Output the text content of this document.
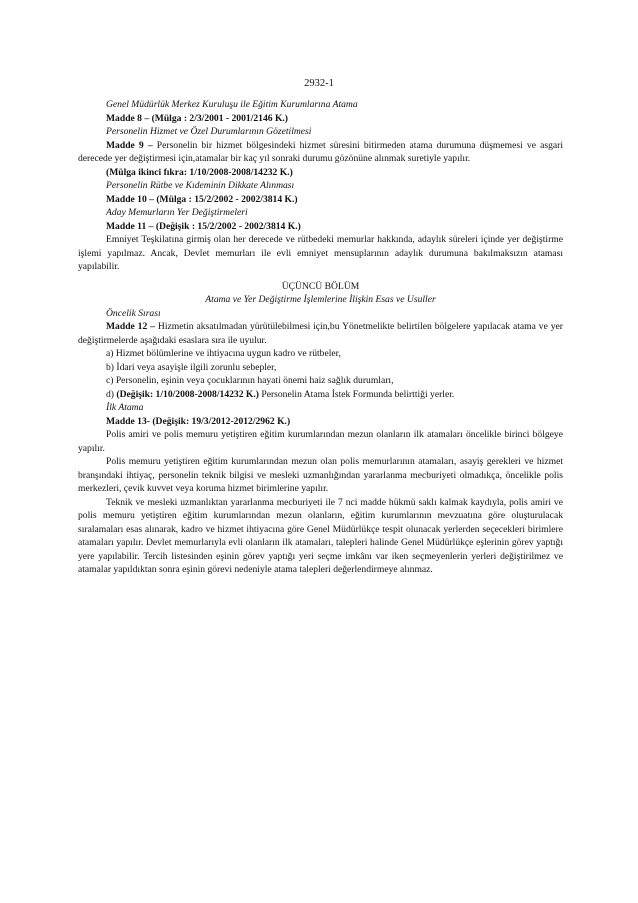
2932-1

Genel Müdürlük Merkez Kuruluşu ile Eğitim Kurumlarına Atama

Madde 8 – (Mülga : 2/3/2001 - 2001/2146 K.)

Personelin Hizmet ve Özel Durumlarının Gözetilmesi

Madde 9 – Personelin bir hizmet bölgesindeki hizmet süresini bitirmeden atama durumuna düşmemesi ve asgari derecede yer değiştirmesi için,atamalar bir kaç yıl sonraki durumu gözönüne alınmak suretiyle yapılır.

(Mülga ikinci fıkra: 1/10/2008-2008/14232 K.)

Personelin Rütbe ve Kıdeminin Dikkate Alınması

Madde 10 – (Mülga : 15/2/2002 - 2002/3814 K.)

Aday Memurların Yer Değiştirmeleri

Madde 11 – (Değişik : 15/2/2002 - 2002/3814 K.)

Emniyet Teşkilatına girmiş olan her derecede ve rütbedeki memurlar hakkında, adaylık süreleri içinde yer değiştirme işlemi yapılmaz. Ancak, Devlet memurları ile evli emniyet mensuplarının adaylık durumuna bakılmaksızın ataması yapılabilir.

ÜÇÜNCÜ BÖLÜM

Atama ve Yer Değiştirme İşlemlerine İlişkin Esas ve Usuller

Öncelik Sırası

Madde 12 – Hizmetin aksatılmadan yürütülebilmesi için,bu Yönetmelikte belirtilen bölgelere yapılacak atama ve yer değiştirmelerde aşağıdaki esaslara sıra ile uyulur.

a) Hizmet bölümlerine ve ihtiyacına uygun kadro ve rütbeler,

b) İdari veya asayişle ilgili zorunlu sebepler,

c) Personelin, eşinin veya çocuklarının hayati önemi haiz sağlık durumları,

d) (Değişik: 1/10/2008-2008/14232 K.) Personelin Atama İstek Formunda belirttiği yerler.

İlk Atama

Madde 13- (Değişik: 19/3/2012-2012/2962 K.)

Polis amiri ve polis memuru yetiştiren eğitim kurumlarından mezun olanların ilk atamaları öncelikle birinci bölgeye yapılır.

Polis memuru yetiştiren eğitim kurumlarından mezun olan polis memurlarının atamaları, asayiş gerekleri ve hizmet branşındaki ihtiyaç, personelin teknik bilgisi ve mesleki uzmanlığından yararlanma mecburiyeti olmadıkça, öncelikle polis merkezleri, çevik kuvvet veya koruma hizmet birimlerine yapılır.

Teknik ve mesleki uzmanlıktan yararlanma mecburiyeti ile 7 nci madde hükmü saklı kalmak kaydıyla, polis amiri ve polis memuru yetiştiren eğitim kurumlarından mezun olanların, eğitim kurumlarının mevzuatına göre oluşturulacak sıralamaları esas alınarak, kadro ve hizmet ihtiyacına göre Genel Müdürlükçe tespit olunacak yerlerden seçecekleri birimlere atamaları yapılır. Devlet memurlarıyla evli olanların ilk atamaları, talepleri halinde Genel Müdürlükçe eşlerinin görev yaptığı yere yapılabilir. Tercih listesinden eşinin görev yaptığı yeri seçme imkânı var iken seçmeyenlerin yerleri değiştirilmez ve atamalar yapıldıktan sonra eşinin görevi nedeniyle atama talepleri değerlendirmeye alınmaz.
